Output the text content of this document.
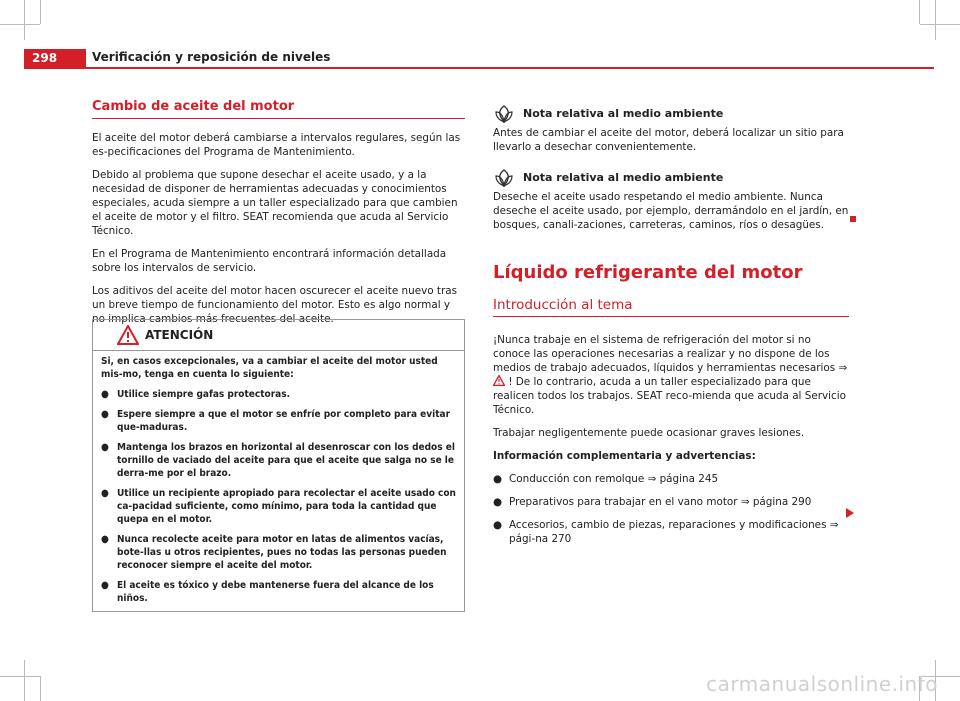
298	Verificación y reposición de niveles
Cambio de aceite del motor

El aceite del motor deberá cambiarse a intervalos regulares, según las es-pecificaciones del Programa de Mantenimiento.

Debido al problema que supone desechar el aceite usado, y a la necesidad de disponer de herramientas adecuadas y conocimientos especiales, acuda siempre a un taller especializado para que cambien el aceite de motor y el filtro. SEAT recomienda que acuda al Servicio Técnico.

En el Programa de Mantenimiento encontrará información detallada sobre los intervalos de servicio.

Los aditivos del aceite del motor hacen oscurecer el aceite nuevo tras un breve tiempo de funcionamiento del motor. Esto es algo normal y no implica cambios más frecuentes del aceite.

ATENCIÓN

Si, en casos excepcionales, va a cambiar el aceite del motor usted mis-mo, tenga en cuenta lo siguiente:

● Utilice siempre gafas protectoras.

● Espere siempre a que el motor se enfríe por completo para evitar que-maduras.

● Mantenga los brazos en horizontal al desenroscar con los dedos el tornillo de vaciado del aceite para que el aceite que salga no se le derra-me por el brazo.

● Utilice un recipiente apropiado para recolectar el aceite usado con ca-pacidad suficiente, como mínimo, para toda la cantidad que quepa en el motor.

● Nunca recolecte aceite para motor en latas de alimentos vacías, bote-llas u otros recipientes, pues no todas las personas pueden reconocer siempre el aceite del motor.

● El aceite es tóxico y debe mantenerse fuera del alcance de los niños.

Nota relativa al medio ambiente

Antes de cambiar el aceite del motor, deberá localizar un sitio para llevarlo a desechar convenientemente.

Nota relativa al medio ambiente

Deseche el aceite usado respetando el medio ambiente. Nunca deseche el aceite usado, por ejemplo, derramándolo en el jardín, en bosques, canali-zaciones, carreteras, caminos, ríos o desagües.

Líquido refrigerante del motor
Introducción al tema

¡Nunca trabaje en el sistema de refrigeración del motor si no conoce las operaciones necesarias a realizar y no dispone de los medios de trabajo adecuados, líquidos y herramientas necesarios ⇒  ! De lo contrario, acuda a un taller especializado para que realicen todos los trabajos. SEAT reco-mienda que acuda al Servicio Técnico.

Trabajar negligentemente puede ocasionar graves lesiones.

Información complementaria y advertencias:

● Conducción con remolque ⇒ página 245

● Preparativos para trabajar en el vano motor ⇒ página 290

● Accesorios, cambio de piezas, reparaciones y modificaciones ⇒ pági-na 270

carmanualsonline.info
